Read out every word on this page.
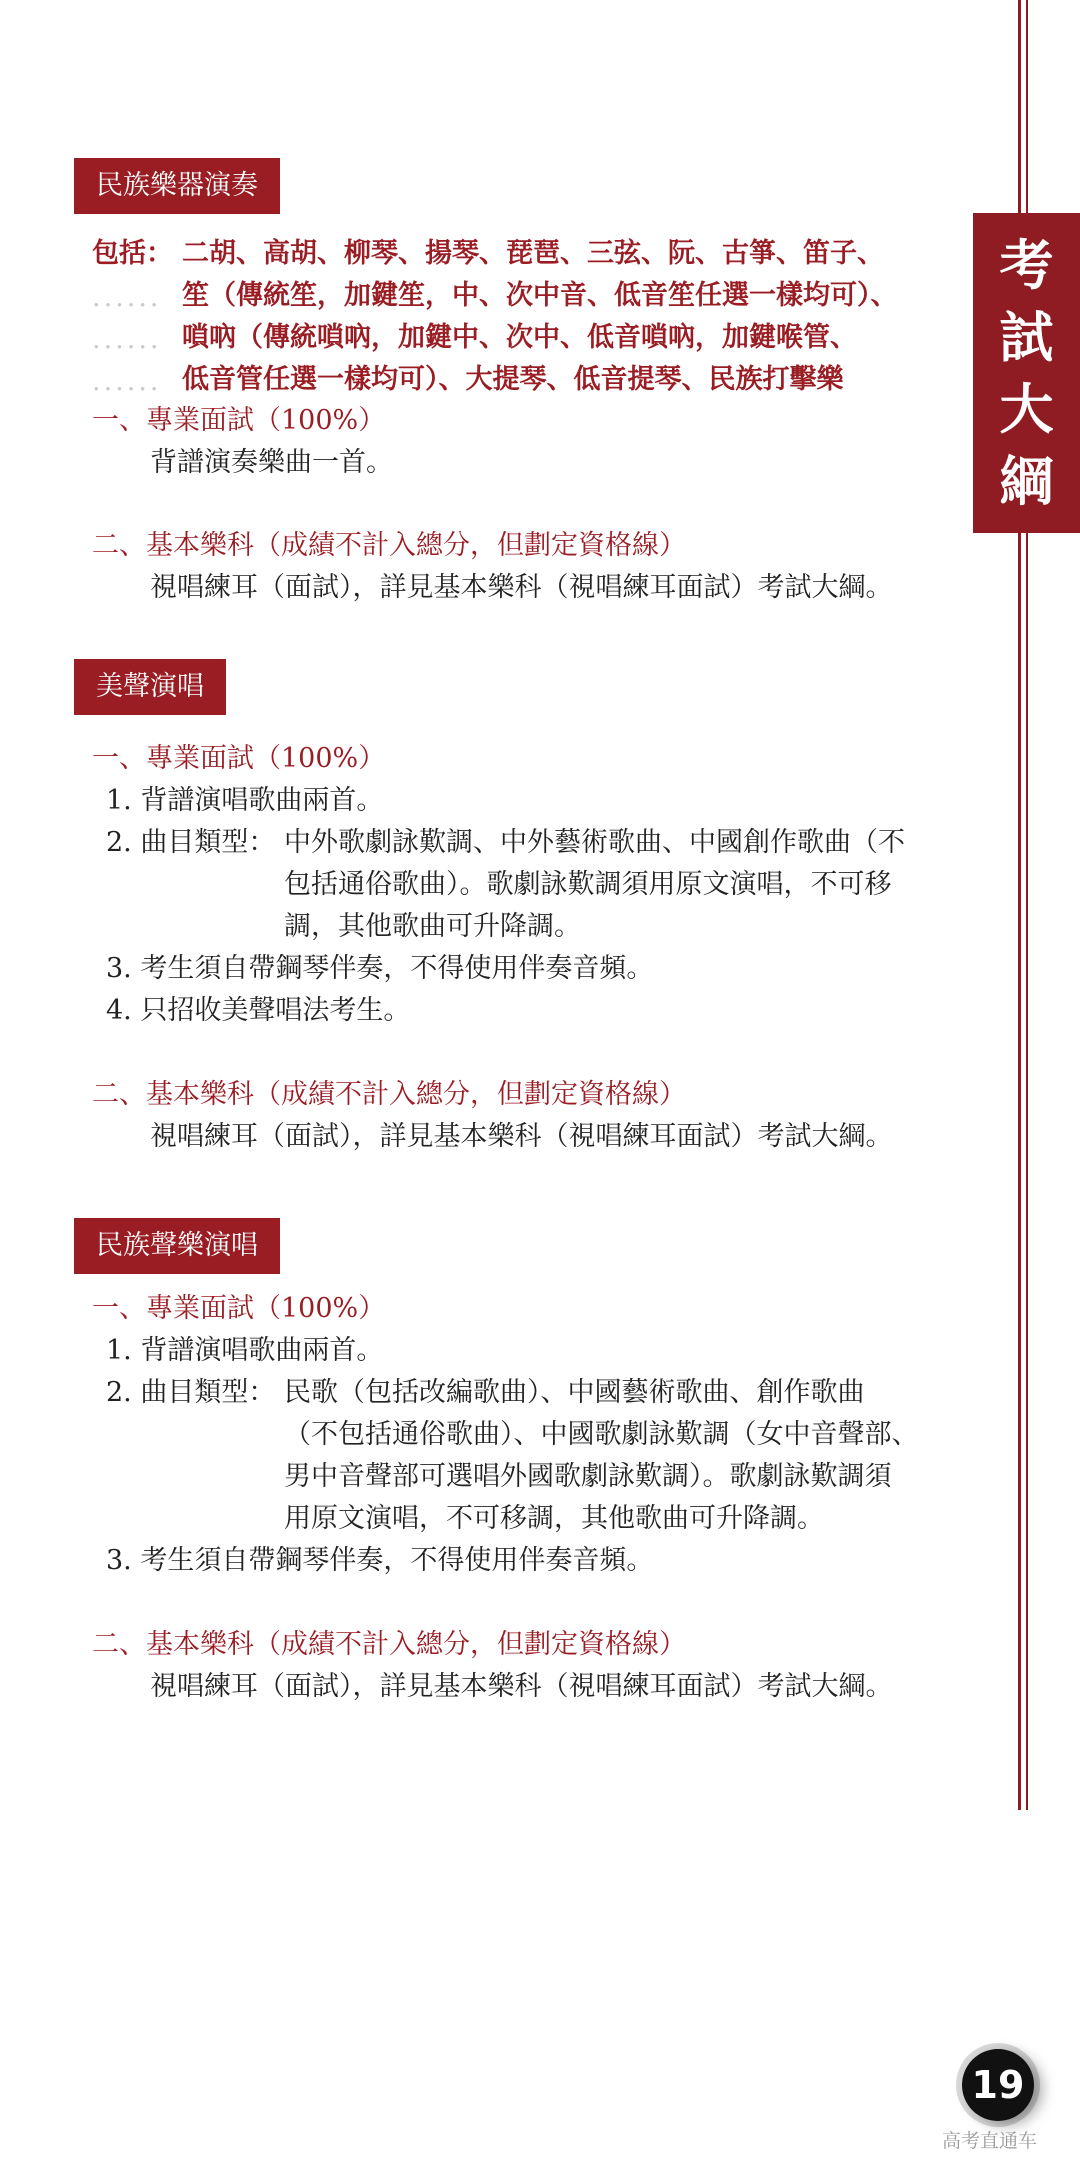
考
試
大
綱
民族樂器演奏
包括： 二胡、高胡、柳琴、揚琴、琵琶、三弦、阮、古箏、笛子、
...... 笙（傳統笙，加鍵笙，中、次中音、低音笙任選一樣均可）、
...... 嗩吶（傳統嗩吶，加鍵中、次中、低音嗩吶，加鍵喉管、
...... 低音管任選一樣均可）、大提琴、低音提琴、民族打擊樂
一、專業面試（100%）
背譜演奏樂曲一首。
二、基本樂科（成績不計入總分，但劃定資格線）
視唱練耳（面試），詳見基本樂科（視唱練耳面試）考試大綱。
美聲演唱
一、專業面試（100%）
1. 背譜演唱歌曲兩首。
2. 曲目類型： 中外歌劇詠歎調、中外藝術歌曲、中國創作歌曲（不
包括通俗歌曲）。歌劇詠歎調須用原文演唱，不可移
調，其他歌曲可升降調。
3. 考生須自帶鋼琴伴奏，不得使用伴奏音頻。
4. 只招收美聲唱法考生。
二、基本樂科（成績不計入總分，但劃定資格線）
視唱練耳（面試），詳見基本樂科（視唱練耳面試）考試大綱。
民族聲樂演唱
一、專業面試（100%）
1. 背譜演唱歌曲兩首。
2. 曲目類型： 民歌（包括改編歌曲）、中國藝術歌曲、創作歌曲
（不包括通俗歌曲）、中國歌劇詠歎調（女中音聲部、
男中音聲部可選唱外國歌劇詠歎調）。歌劇詠歎調須
用原文演唱，不可移調，其他歌曲可升降調。
3. 考生須自帶鋼琴伴奏，不得使用伴奏音頻。
二、基本樂科（成績不計入總分，但劃定資格線）
視唱練耳（面試），詳見基本樂科（視唱練耳面試）考試大綱。
19
高考直通车
